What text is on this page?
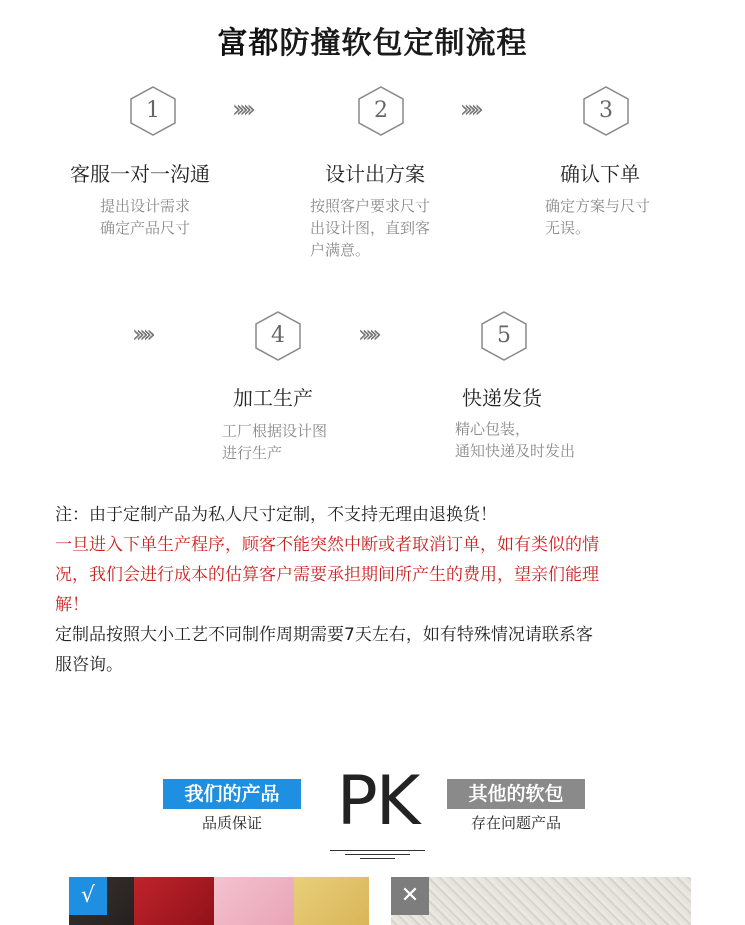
富都防撞软包定制流程
1	›››››	2	›››››	3
客服一对一沟通
提出设计需求
确定产品尺寸
设计出方案
按照客户要求尺寸
出设计图，直到客
户满意。
确认下单
确定方案与尺寸
无误。
›››››	4	›››››	5
加工生产
工厂根据设计图
进行生产
快递发货
精心包装，
通知快递及时发出
注：由于定制产品为私人尺寸定制，不支持无理由退换货！
一旦进入下单生产程序，顾客不能突然中断或者取消订单，如有类似的情
况，我们会进行成本的估算客户需要承担期间所产生的费用，望亲们能理
解！
定制品按照大小工艺不同制作周期需要7天左右，如有特殊情况请联系客
服咨询。
我们的产品
品质保证	PK	其他的软包
存在问题产品
√	✕
